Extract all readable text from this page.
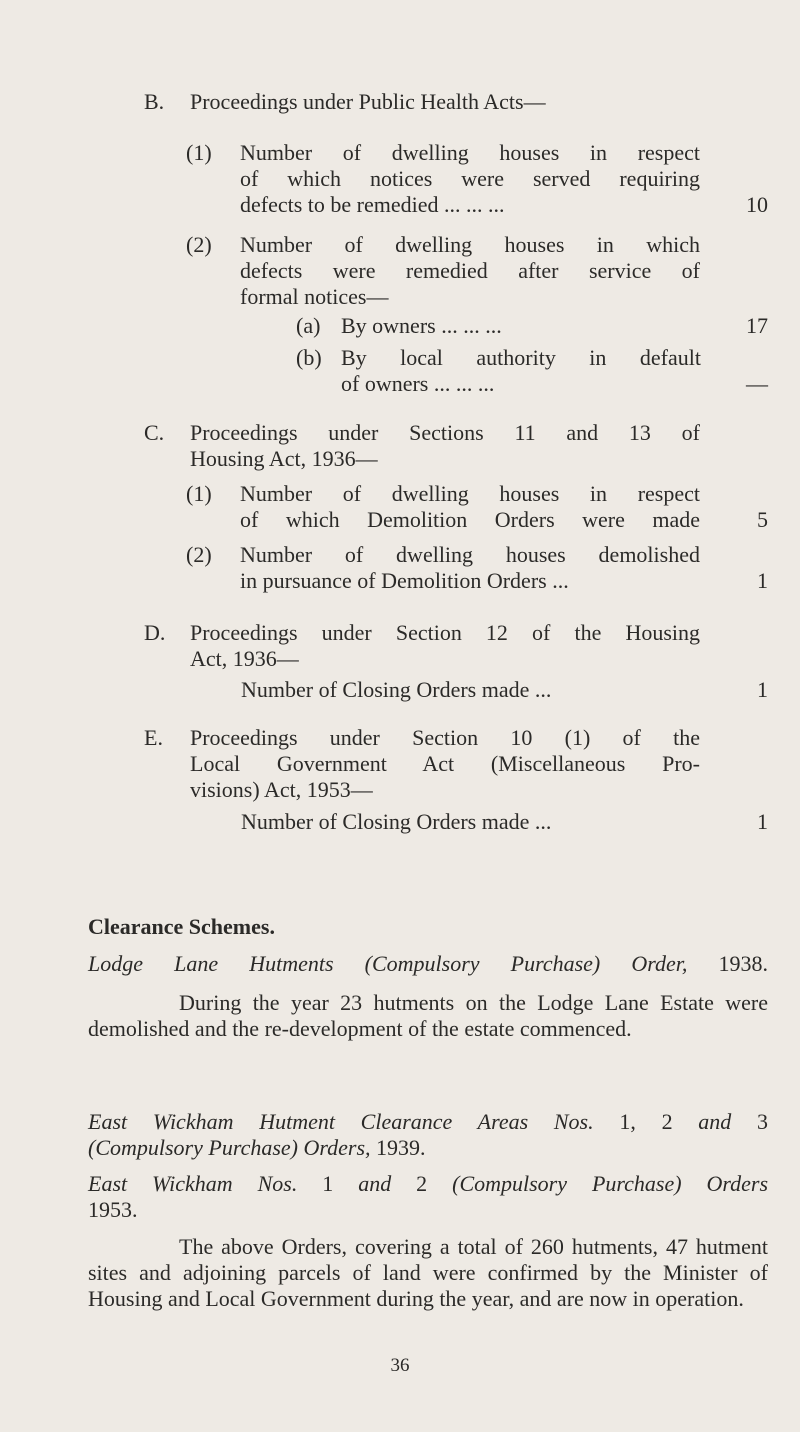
B.	Proceedings under Public Health Acts—
(1) Number of dwelling houses in respect
of which notices were served requiring
defects to be remedied ... ... ...	10
(2) Number of dwelling houses in which
defects were remedied after service of
formal notices—
(a) By owners ... ... ...	17
(b) By local authority in default
of owners ... ... ...	—
C.	Proceedings under Sections 11 and 13 of
Housing Act, 1936—
(1) Number of dwelling houses in respect
of which Demolition Orders were made	5
(2) Number of dwelling houses demolished
in pursuance of Demolition Orders ...	1
D.	Proceedings under Section 12 of the Housing
Act, 1936—
Number of Closing Orders made ...	1
E.	Proceedings under Section 10 (1) of the
Local Government Act (Miscellaneous Pro-
visions) Act, 1953—
Number of Closing Orders made ...	1
Clearance Schemes.
Lodge Lane Hutments (Compulsory Purchase) Order, 1938.
During the year 23 hutments on the Lodge Lane Estate were demolished and the re-development of the estate commenced.
East Wickham Hutment Clearance Areas Nos. 1, 2 and 3
(Compulsory Purchase) Orders, 1939.
East Wickham Nos. 1 and 2 (Compulsory Purchase) Orders
1953.
The above Orders, covering a total of 260 hutments, 47 hutment sites and adjoining parcels of land were confirmed by the Minister of Housing and Local Government during the year, and are now in operation.
36
